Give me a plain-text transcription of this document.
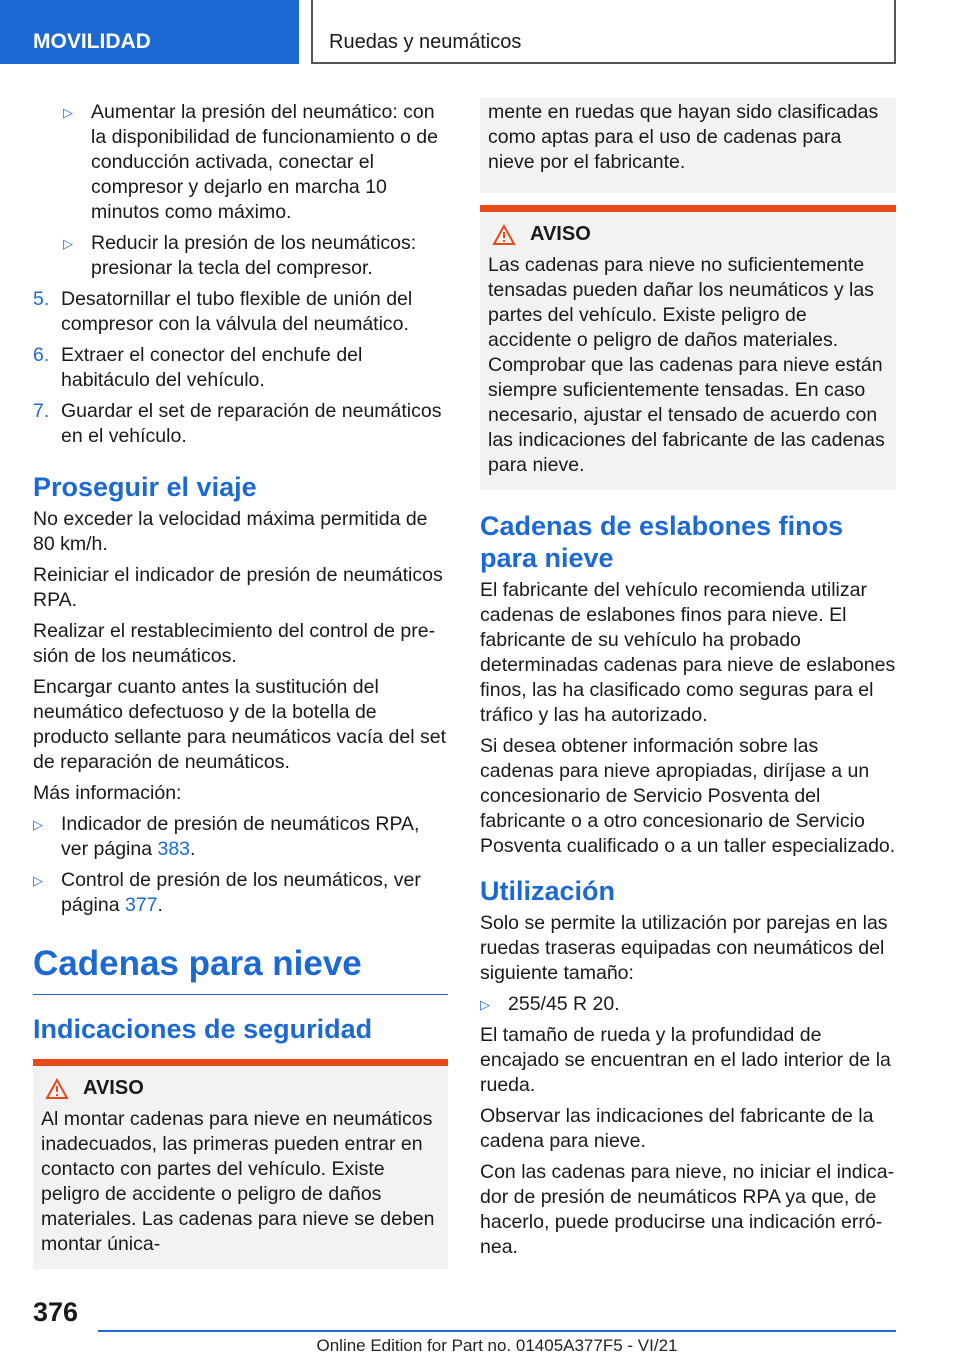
MOVILIDAD	Ruedas y neumáticos
▷ Aumentar la presión del neumático: con la disponibilidad de funcionamiento o de conducción activada, conectar el compresor y dejarlo en marcha 10 minutos como máximo.
▷ Reducir la presión de los neumáticos: presionar la tecla del compresor.
5. Desatornillar el tubo flexible de unión del compresor con la válvula del neumático.
6. Extraer el conector del enchufe del habitáculo del vehículo.
7. Guardar el set de reparación de neumáticos en el vehículo.
Proseguir el viaje

No exceder la velocidad máxima permitida de 80 km/h.

Reiniciar el indicador de presión de neumáticos RPA.

Realizar el restablecimiento del control de presión de los neumáticos.

Encargar cuanto antes la sustitución del neumático defectuoso y de la botella de producto sellante para neumáticos vacía del set de reparación de neumáticos.

Más información:

▷ Indicador de presión de neumáticos RPA, ver página 383.
▷ Control de presión de los neumáticos, ver página 377.
Cadenas para nieve
Indicaciones de seguridad
AVISO
Al montar cadenas para nieve en neumáticos inadecuados, las primeras pueden entrar en contacto con partes del vehículo. Existe peligro de accidente o peligro de daños materiales. Las cadenas para nieve se deben montar única-
mente en ruedas que hayan sido clasificadas como aptas para el uso de cadenas para nieve por el fabricante.
AVISO
Las cadenas para nieve no suficientemente tensadas pueden dañar los neumáticos y las partes del vehículo. Existe peligro de accidente o peligro de daños materiales. Comprobar que las cadenas para nieve están siempre suficientemente tensadas. En caso necesario, ajustar el tensado de acuerdo con las indicaciones del fabricante de las cadenas para nieve.
Cadenas de eslabones finos para nieve

El fabricante del vehículo recomienda utilizar cadenas de eslabones finos para nieve. El fabricante de su vehículo ha probado determinadas cadenas para nieve de eslabones finos, las ha clasificado como seguras para el tráfico y las ha autorizado.

Si desea obtener información sobre las cadenas para nieve apropiadas, diríjase a un concesionario de Servicio Posventa del fabricante o a otro concesionario de Servicio Posventa cualificado o a un taller especializado.

Utilización

Solo se permite la utilización por parejas en las ruedas traseras equipadas con neumáticos del siguiente tamaño:

▷ 255/45 R 20.

El tamaño de rueda y la profundidad de encajado se encuentran en el lado interior de la rueda.

Observar las indicaciones del fabricante de la cadena para nieve.

Con las cadenas para nieve, no iniciar el indicador de presión de neumáticos RPA ya que, de hacerlo, puede producirse una indicación errónea.

376
Online Edition for Part no. 01405A377F5 - VI/21
